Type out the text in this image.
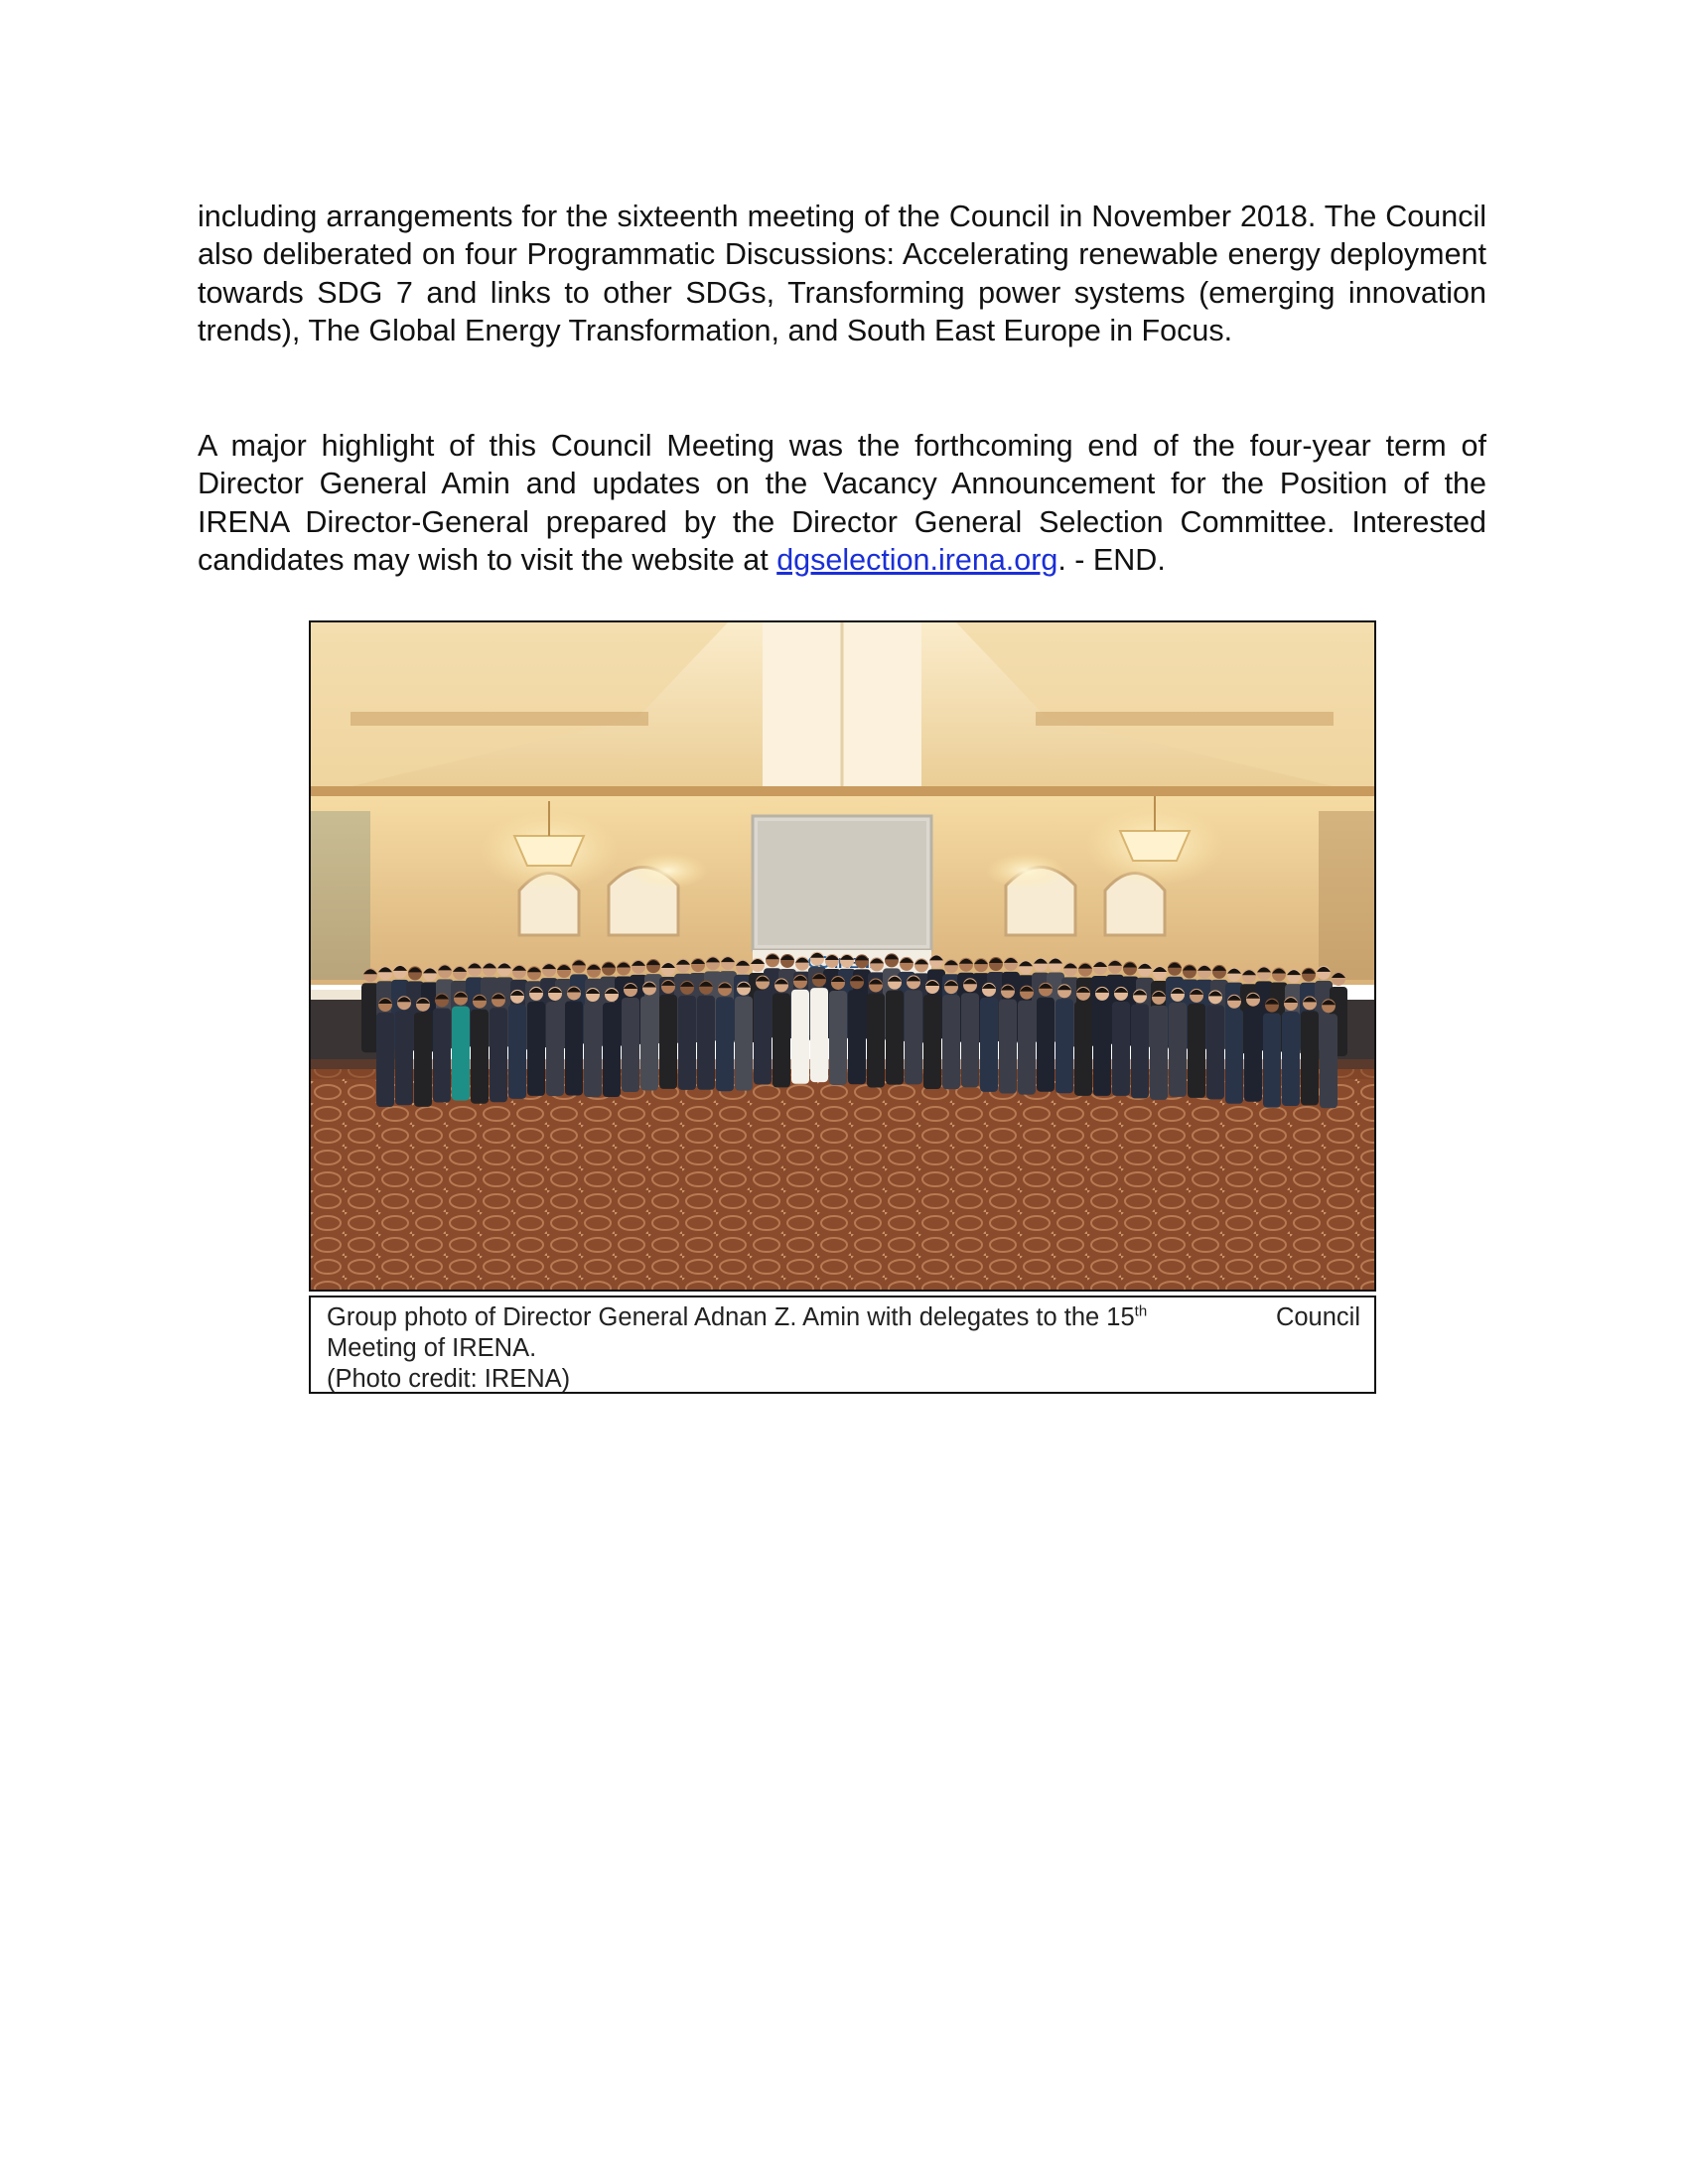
including arrangements for the sixteenth meeting of the Council in November 2018. The Council also deliberated on four Programmatic Discussions: Accelerating renewable energy deployment towards SDG 7 and links to other SDGs, Transforming power systems (emerging innovation trends), The Global Energy Transformation, and South East Europe in Focus.

A major highlight of this Council Meeting was the forthcoming end of the four-year term of Director General Amin and updates on the Vacancy Announcement for the Position of the IRENA Director-General prepared by the Director General Selection Committee. Interested candidates may wish to visit the website at dgselection.irena.org. - END.

Group photo of Director General Adnan Z. Amin with delegates to the 15th	Council
Meeting of IRENA.
(Photo credit: IRENA)
